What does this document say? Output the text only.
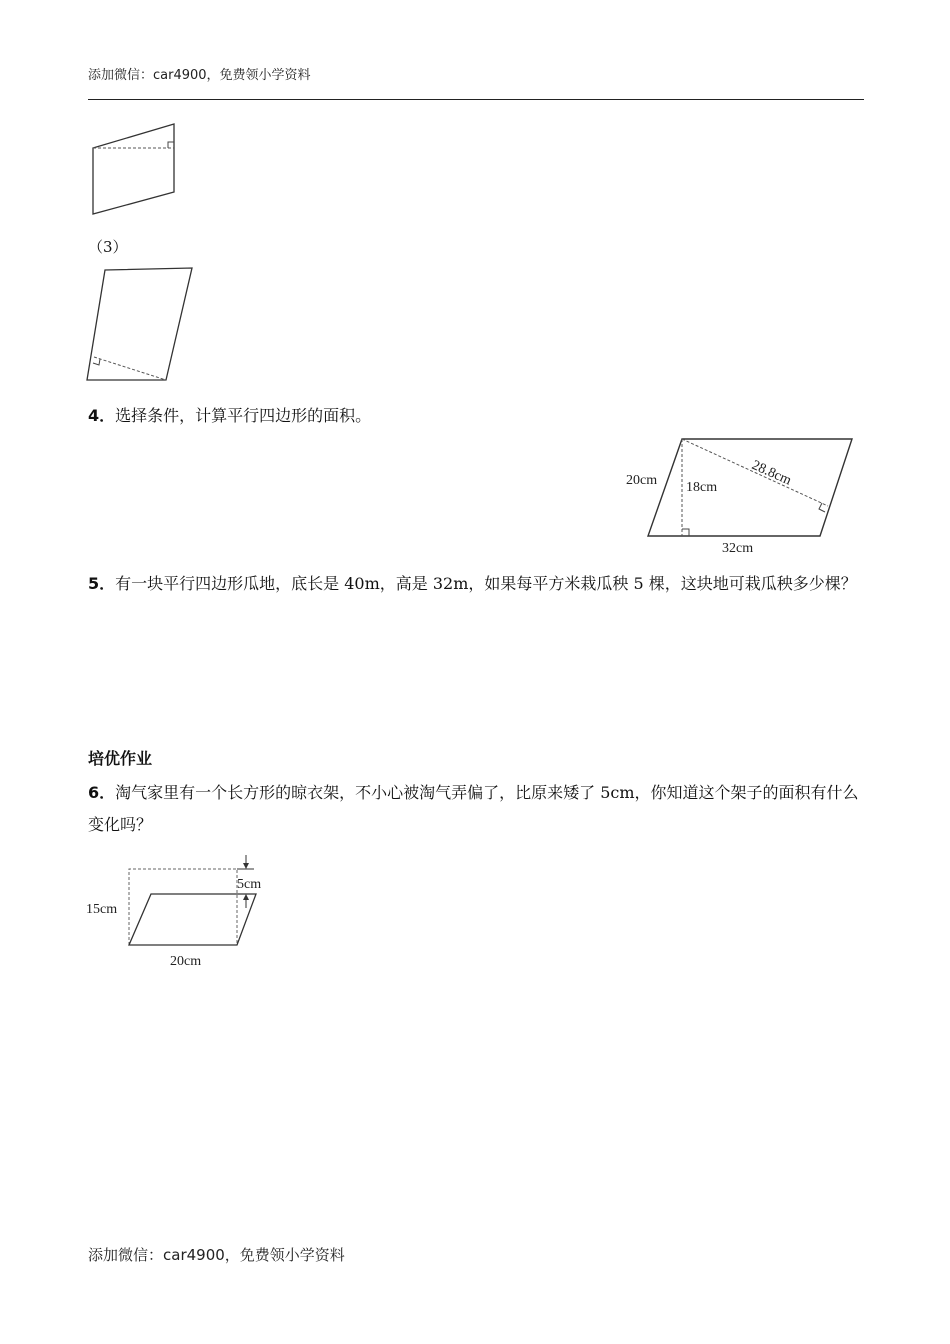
添加微信：car4900，免费领小学资料
（3）
4．选择条件，计算平行四边形的面积。
20cm 18cm 28.8cm
32cm
5．有一块平行四边形瓜地，底长是 40m，高是 32m，如果每平方米栽瓜秧 5 棵，这块地可栽瓜秧多少棵？
培优作业
6．淘气家里有一个长方形的晾衣架，不小心被淘气弄偏了，比原来矮了 5cm，你知道这个架子的面积有什么变化吗？
5cm
15cm
20cm
添加微信：car4900，免费领小学资料
